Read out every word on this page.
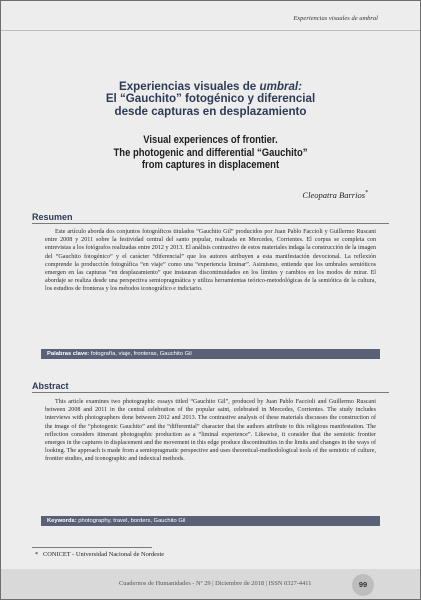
Experiencias visuales de umbral
Experiencias visuales de umbral:
El “Gauchito” fotogénico y diferencial
desde capturas en desplazamiento
Visual experiences of frontier.
The photogenic and differential “Gauchito”
from captures in displacement
Cleopatra Barrios*
Resumen

Este artículo aborda dos conjuntos fotográficos titulados “Gauchito Gil” producidos por Juan Pablo Faccioli y Guillermo Ruscani entre 2008 y 2011 sobre la festividad central del santo popular, realizada en Mercedes, Corrientes. El corpus se completa con entrevistas a los fotógrafos realizadas entre 2012 y 2013. El análisis contrastivo de estos materiales indaga la construcción de la imagen del “Gauchito fotogénico” y el carácter “diferencial” que los autores atribuyen a esta manifestación devocional. La reflexión comprende la producción fotográfica “en viaje” como una “experiencia liminar”. Asimismo, entiende que los umbrales semióticos emergen en las capturas “en desplazamiento” que instauran discontinuidades en los límites y cambios en los modos de mirar. El abordaje se realiza desde una perspectiva semiopragmática y utiliza herramientas teórico-metodológicas de la semiótica de la cultura, los estudios de fronteras y los métodos iconográfico e indiciario.

Palabras clave: fotografía, viaje, fronteras, Gauchito Gil
Abstract

This article examines two photographic essays titled “Gauchito Gil”, produced by Juan Pablo Faccioli and Guillermo Ruscani between 2008 and 2011 in the central celebration of the popular saint, celebrated in Mercedes, Corrientes. The study includes interviews with photographers done between 2012 and 2013. The contrastive analysis of these materials discusses the construction of the image of the “photogenic Gauchito” and the “differential” character that the authors attribute to this religious manifestation. The reflection considers itinerant photographic production as a “liminal experience”. Likewise, it consider that the semiotic frontier emerges in the captures in displacement and the movement in this edge produce discontinuities in the limits and changes in the ways of looking. The approach is made from a semiopragmatic perspective and uses theoretical-methodological tools of the semiotic of culture, frontier studies, and iconographic and indexical methods.

Keywords: photography, travel, borders, Gauchito Gil
* CONICET - Universidad Nacional de Nordeste
Cuadernos de Humanidades - Nº 29 | Diciembre de 2018 | ISSN 0327-4411	99
